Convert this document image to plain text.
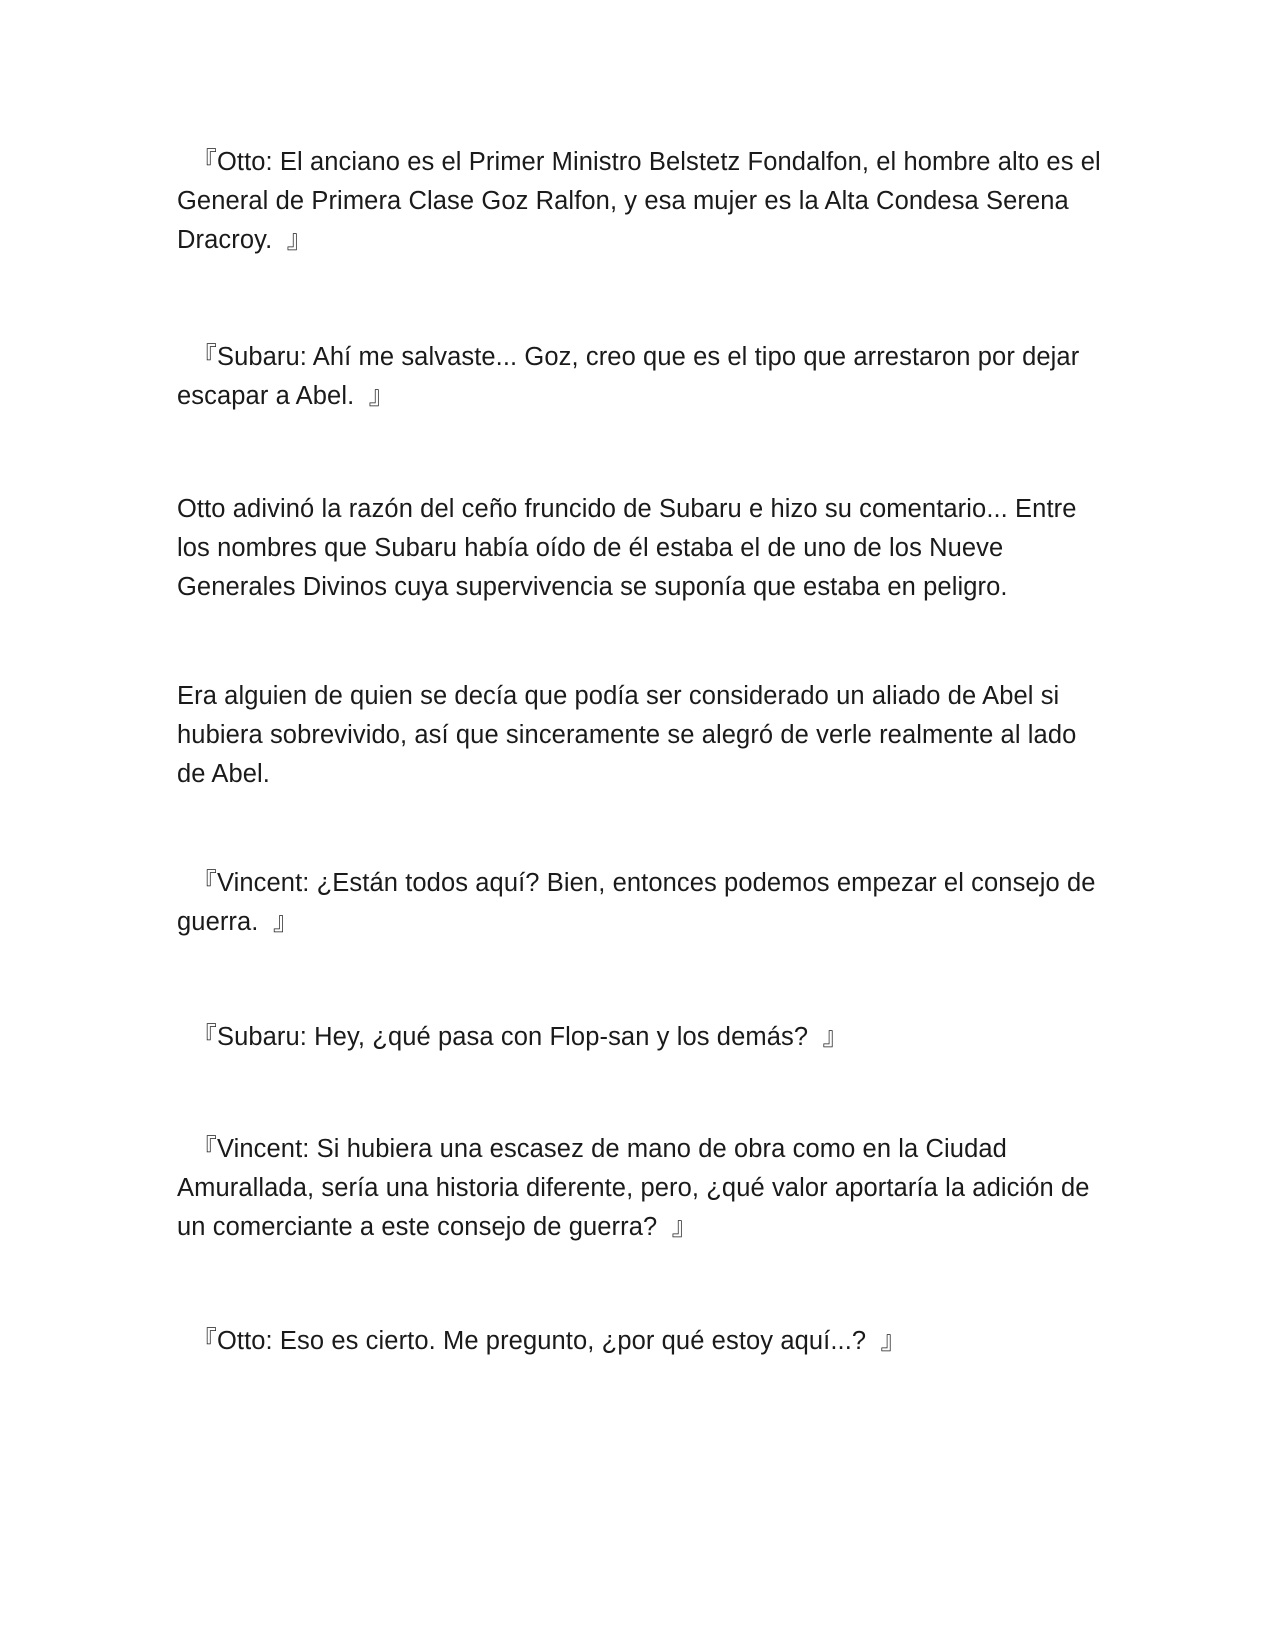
『Otto: El anciano es el Primer Ministro Belstetz Fondalfon, el hombre alto es el General de Primera Clase Goz Ralfon, y esa mujer es la Alta Condesa Serena Dracroy.  』

『Subaru: Ahí me salvaste... Goz, creo que es el tipo que arrestaron por dejar escapar a Abel.  』

Otto adivinó la razón del ceño fruncido de Subaru e hizo su comentario... Entre los nombres que Subaru había oído de él estaba el de uno de los Nueve Generales Divinos cuya supervivencia se suponía que estaba en peligro.

Era alguien de quien se decía que podía ser considerado un aliado de Abel si hubiera sobrevivido, así que sinceramente se alegró de verle realmente al lado de Abel.

『Vincent: ¿Están todos aquí? Bien, entonces podemos empezar el consejo de guerra.  』

『Subaru: Hey, ¿qué pasa con Flop-san y los demás?  』

『Vincent: Si hubiera una escasez de mano de obra como en la Ciudad Amurallada, sería una historia diferente, pero, ¿qué valor aportaría la adición de un comerciante a este consejo de guerra?  』

『Otto: Eso es cierto. Me pregunto, ¿por qué estoy aquí...?  』
